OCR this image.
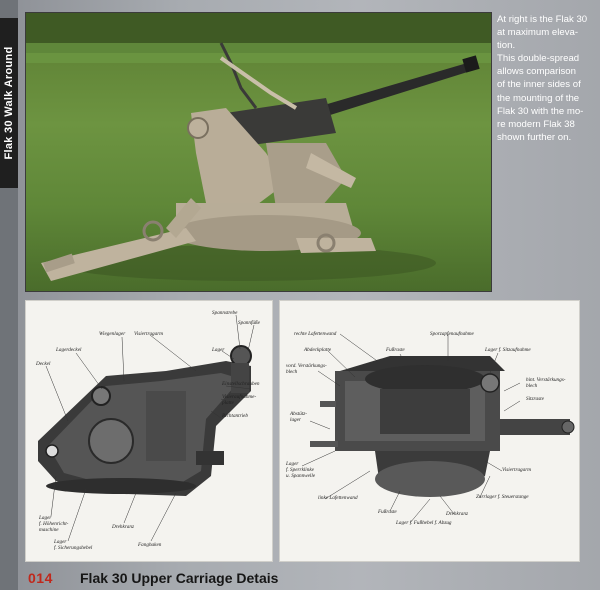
Flak 30 Walk Around
At right is the Flak 30
at maximum eleva-
tion.
This double-spread
allows comparison
of the inner sides of
the mounting of the
Flak 30 with the mo-
re modern Flak 38
shown further on.
Spannstrebe
Spannfüße
Wiegenlager Visiertragarm
Lagerdeckel	Lager
Deckel
Einstellschrauben
Visieraufnahme-
platte
Richtantrieb
Lager
f. Höhenricht-
maschine
Lager
f. Sicherungshebel
Drehkranz
Fanghaken
rechte Lafettenwand	Sporzapfenaufnahme
Fußraste
Abdeckplatte	Lager f. Sitzaufnahme
vord. Verstärkungs-
blech
hint. Verstärkungs-
blech
Abstütz-
lager
Sitzraste
Lager
f. Sperrklinke
u. Spannwelle
Visiertragarm
linke Lafettenwand	Zurrlager f. Steuerstange
Fußraste	Drehkranz
Lager f. Fußhebel f. Abzug
014 Flak 30 Upper Carriage Detais
